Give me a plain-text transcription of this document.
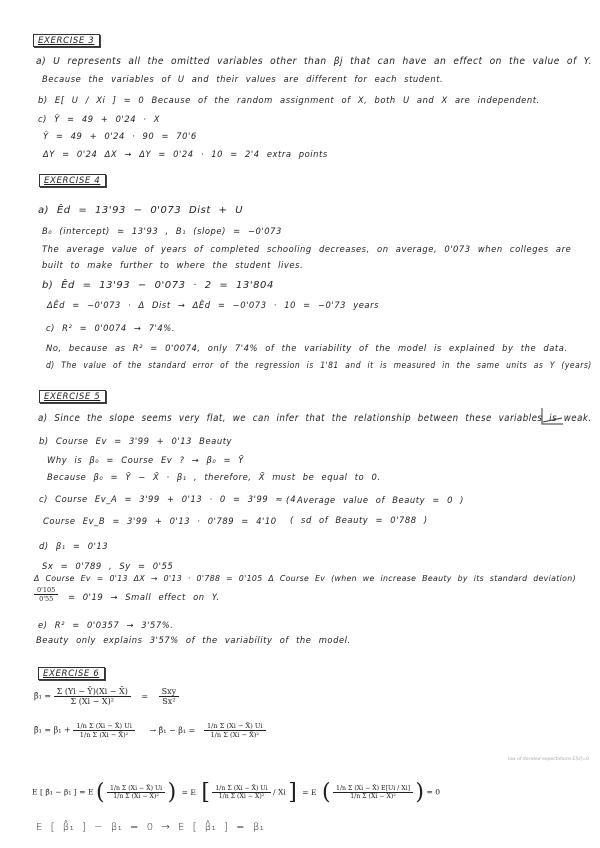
EXERCISE 3
a) U represents all the omitted variables other than βj that can have an effect on the value of Y.
Because the variables of U and their values are different for each student.
b) E[ U / Xi ] = 0 Because of the random assignment of X, both U and X are independent.
c) Ŷ = 49 + 0'24 · X
Ŷ = 49 + 0'24 · 90 = 70'6
ΔY = 0'24 ΔX → ΔY = 0'24 · 10 = 2'4 extra points
EXERCISE 4
a) Êd = 13'93 − 0'073 Dist + U
B₀ (intercept) = 13'93 , B₁ (slope) = −0'073
The average value of years of completed schooling decreases, on average, 0'073 when colleges are
built to make further to where the student lives.
b) Êd = 13'93 − 0'073 · 2 = 13'804
ΔÊd = −0'073 · Δ Dist → ΔÊd = −0'073 · 10 = −0'73 years
c) R² = 0'0074 → 7'4%.
No, because as R² = 0'0074, only 7'4% of the variability of the model is explained by the data.
d) The value of the standard error of the regression is 1'81 and it is measured in the same units as Y (years)
EXERCISE 5
a) Since the slope seems very flat, we can infer that the relationship between these variables is weak.
b) Course Ev = 3'99 + 0'13 Beauty
Why is β₀ = Course Ev ? → β₀ = Ȳ
Because β₀ = Ȳ − X̄ · β₁ , therefore, X̄ must be equal to 0.
c) Course Ev_A = 3'99 + 0'13 · 0 = 3'99 ≈ 4
( Average value of Beauty = 0 )
Course Ev_B = 3'99 + 0'13 · 0'789 = 4'10 ( sd of Beauty = 0'788 )
d) β₁ = 0'13
Sx = 0'789 , Sy = 0'55
Δ Course Ev = 0'13 ΔX → 0'13 · 0'788 = 0'105 Δ Course Ev (when we increase Beauty by its standard deviation)
$\frac{0'105}{0'55} = 0'19$ → Small effect on Y.
e) R² = 0'0357 → 3'57%.
Beauty only explains 3'57% of the variability of the model.
EXERCISE 6
β̂₁ = $\frac{\Sigma (Yi - Ȳ)(Xi - X̄)}{\text{Σ (Xi − X̄)²}} = \frac{\text{Sxy}}{\text{Sx²}}$
β̂₁ = $\beta_1 + \frac{\text{1/n Σ (Xi − X̄) Ui}}{\text{1/n Σ (Xi − X̄)²}}$ → β̂₁ − $\beta_1 = \frac{\text{1/n Σ (Xi − X̄) Ui}}{\text{1/n Σ (Xi − X̄)²}}$
law of iterated expectations E[U]=0
E [ β̂₁ − β₁ ] = E ( $\frac{\text{1/n Σ (Xi − X̄) Ui}}{\text{1/n Σ (Xi − X̄)²}}$ ) = E [ $\frac{\text{1/n Σ (Xi − X̄) Ui}}{\text{1/n Σ (Xi − X̄)²}}$ / Xi ] = E ( $\frac{\text{1/n Σ (Xi − X̄) E[Ui / Xi]}}{\text{1/n Σ (Xi − X̄)²}}$ ) = 0
E [ β̂₁ ] − β₁ = 0 → E [ β̂₁ ] = β₁
